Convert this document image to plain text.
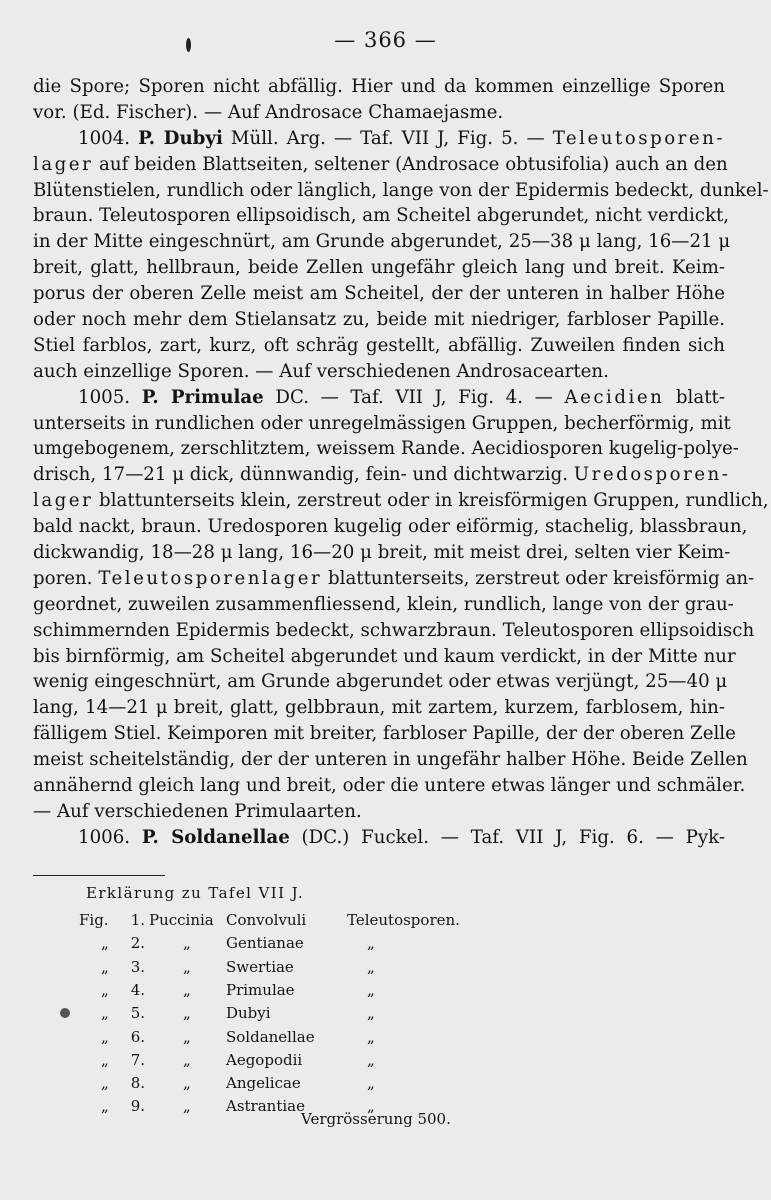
— 366 —
die Spore; Sporen nicht abfällig. Hier und da kommen einzellige Sporen
vor. (Ed. Fischer). — Auf Androsace Chamaejasme.
1004. P. Dubyi Müll. Arg. — Taf. VII J, Fig. 5. — Teleutosporen-
lager auf beiden Blattseiten, seltener (Androsace obtusifolia) auch an den
Blütenstielen, rundlich oder länglich, lange von der Epidermis bedeckt, dunkel-
braun. Teleutosporen ellipsoidisch, am Scheitel abgerundet, nicht verdickt,
in der Mitte eingeschnürt, am Grunde abgerundet, 25—38 μ lang, 16—21 μ
breit, glatt, hellbraun, beide Zellen ungefähr gleich lang und breit. Keim-
porus der oberen Zelle meist am Scheitel, der der unteren in halber Höhe
oder noch mehr dem Stielansatz zu, beide mit niedriger, farbloser Papille.
Stiel farblos, zart, kurz, oft schräg gestellt, abfällig. Zuweilen finden sich
auch einzellige Sporen. — Auf verschiedenen Androsacearten.
1005. P. Primulae DC. — Taf. VII J, Fig. 4. — Aecidien blatt-
unterseits in rundlichen oder unregelmässigen Gruppen, becherförmig, mit
umgebogenem, zerschlitztem, weissem Rande. Aecidiosporen kugelig-polye-
drisch, 17—21 μ dick, dünnwandig, fein- und dichtwarzig. Uredosporen-
lager blattunterseits klein, zerstreut oder in kreisförmigen Gruppen, rundlich,
bald nackt, braun. Uredosporen kugelig oder eiförmig, stachelig, blassbraun,
dickwandig, 18—28 μ lang, 16—20 μ breit, mit meist drei, selten vier Keim-
poren. Teleutosporenlager blattunterseits, zerstreut oder kreisförmig an-
geordnet, zuweilen zusammenfliessend, klein, rundlich, lange von der grau-
schimmernden Epidermis bedeckt, schwarzbraun. Teleutosporen ellipsoidisch
bis birnförmig, am Scheitel abgerundet und kaum verdickt, in der Mitte nur
wenig eingeschnürt, am Grunde abgerundet oder etwas verjüngt, 25—40 μ
lang, 14—21 μ breit, glatt, gelbbraun, mit zartem, kurzem, farblosem, hin-
fälligem Stiel. Keimporen mit breiter, farbloser Papille, der der oberen Zelle
meist scheitelständig, der der unteren in ungefähr halber Höhe. Beide Zellen
annähernd gleich lang und breit, oder die untere etwas länger und schmäler.
— Auf verschiedenen Primulaarten.
1006. P. Soldanellae (DC.) Fuckel. — Taf. VII J, Fig. 6. — Pyk-
Erklärung zu Tafel VII J.
Fig.	1. Puccinia Convolvuli	Teleutosporen.
„	2.	„ Gentianae	„
„	3.	„ Swertiae	„
„	4.	„ Primulae	„
„	5.	„ Dubyi	„
„	6.	„ Soldanellae	„
„	7.	„ Aegopodii	„
„	8.	„ Angelicae	„
„	9.	„ Astrantiae	„
Vergrösserung 500.
